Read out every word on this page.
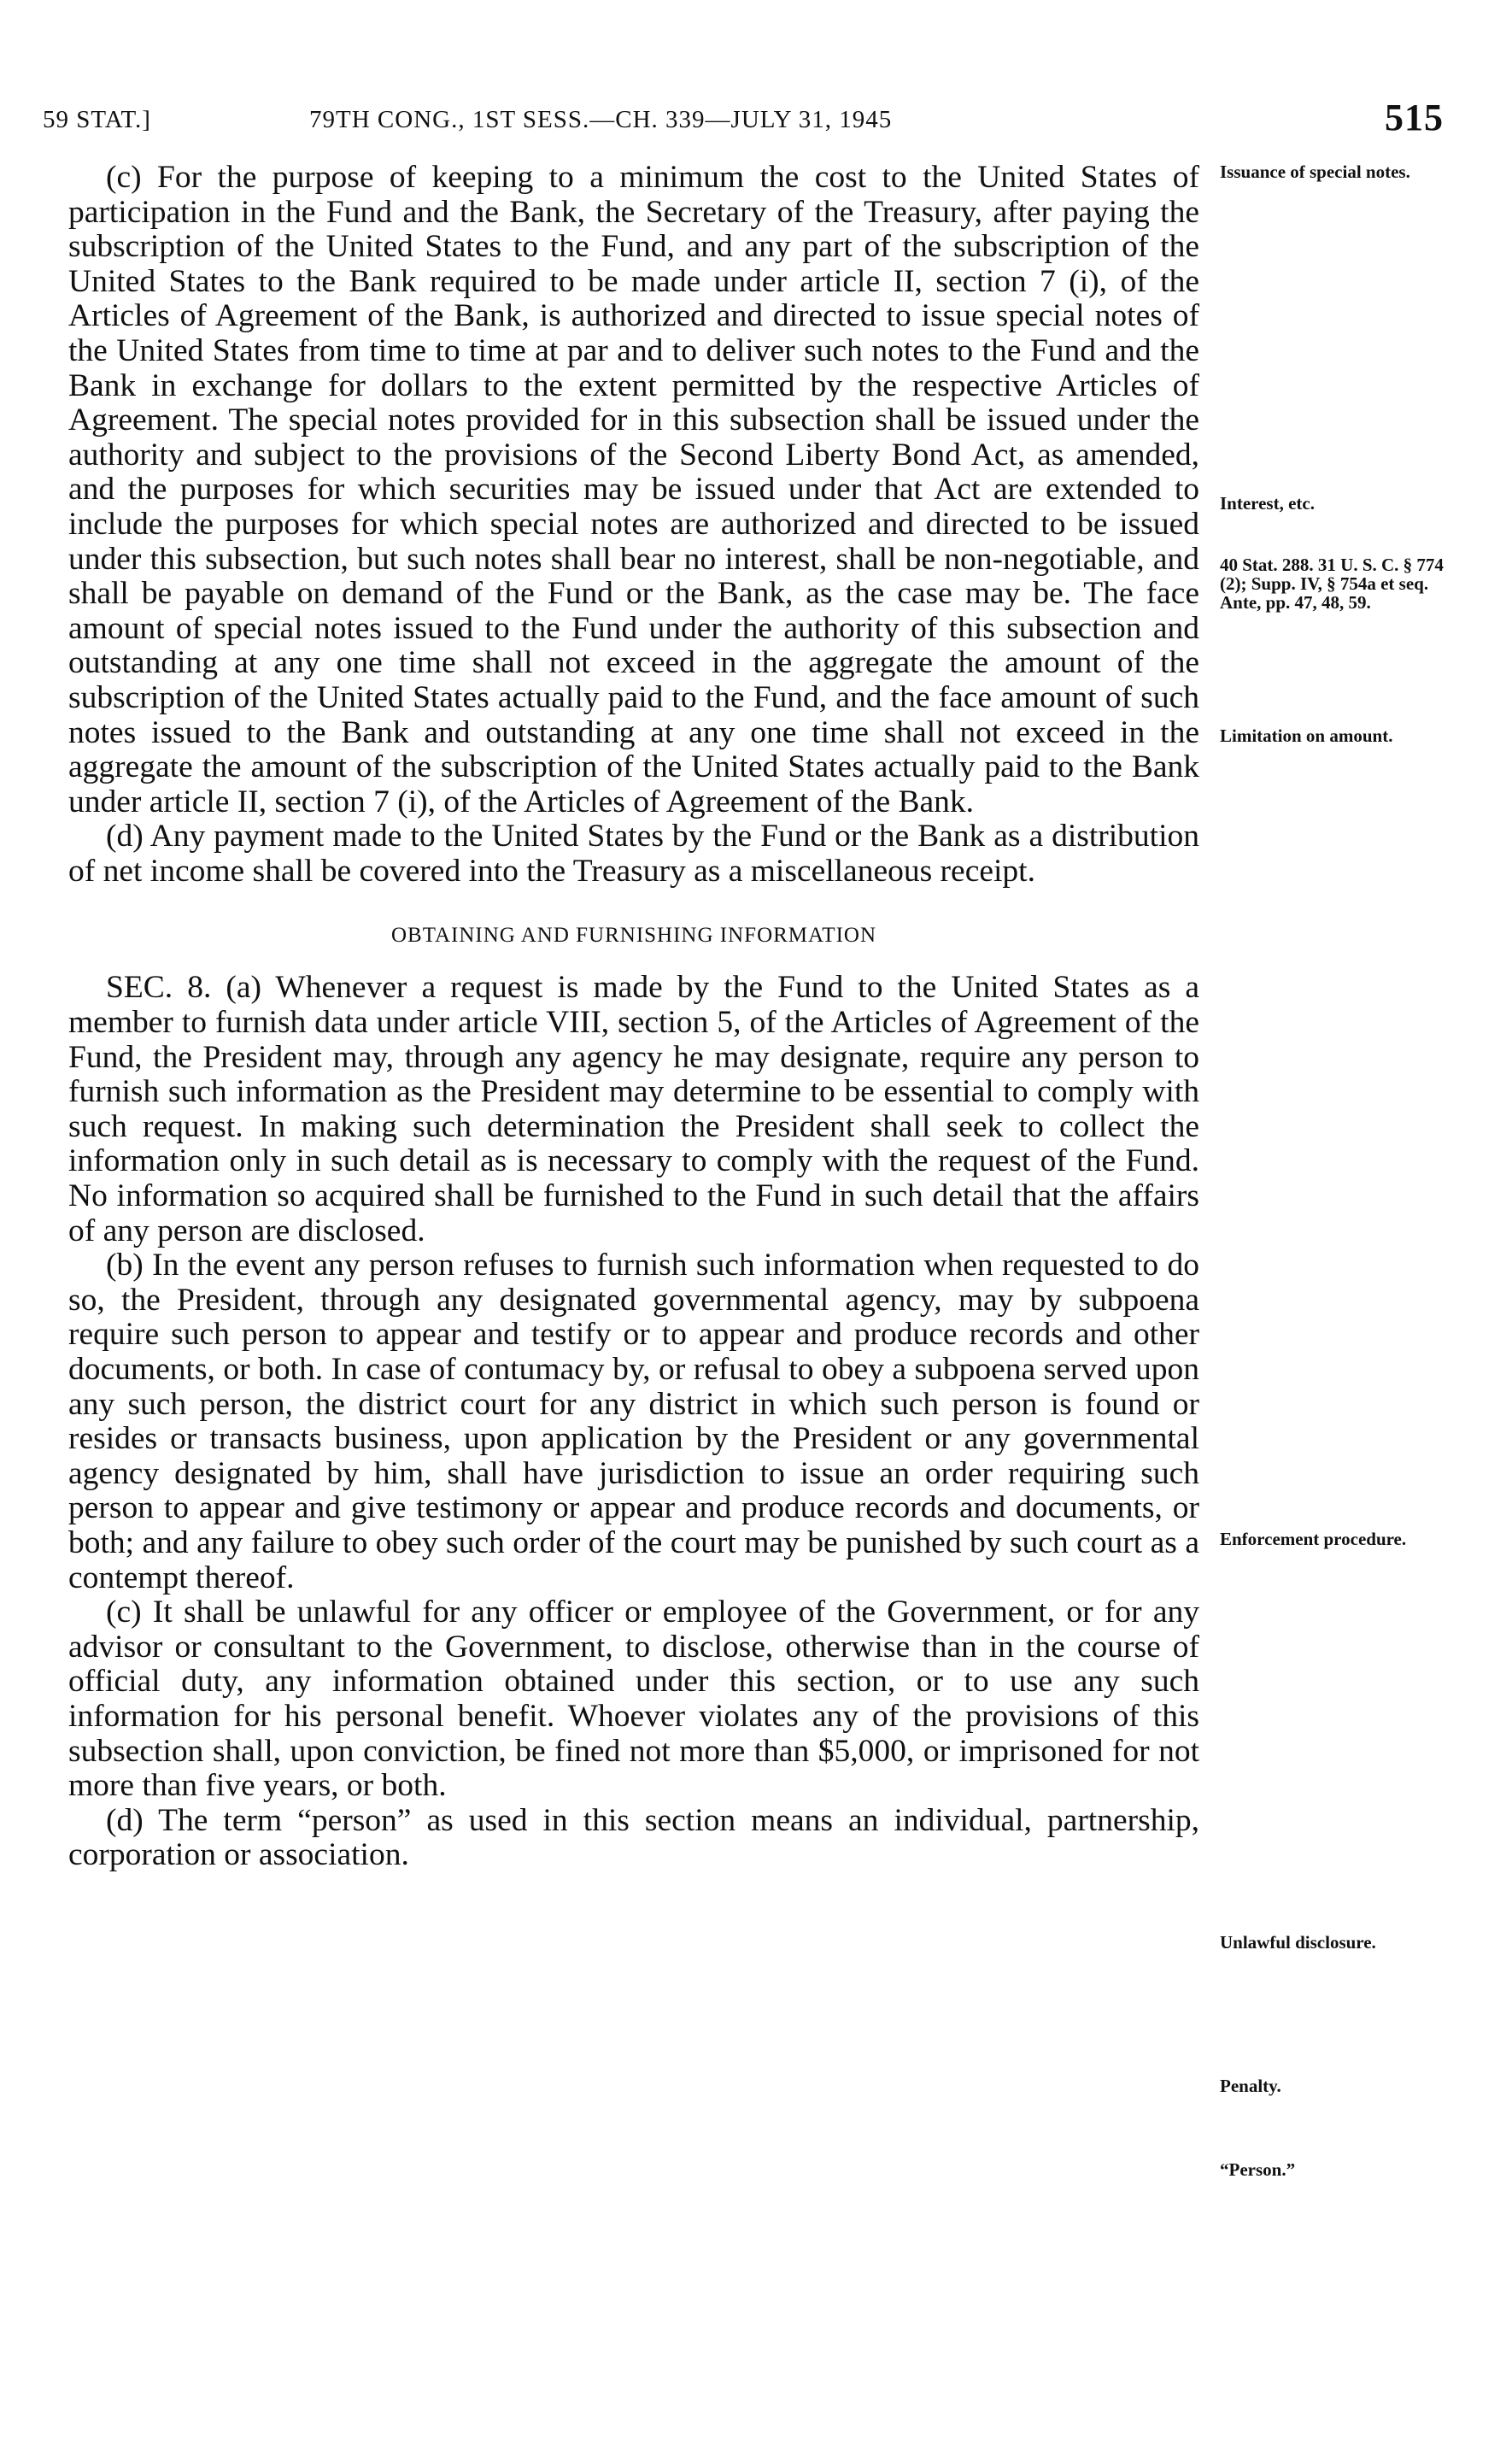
59 STAT.]	79TH CONG., 1ST SESS.—CH. 339—JULY 31, 1945	515

(c) For the purpose of keeping to a minimum the cost to the United States of participation in the Fund and the Bank, the Secretary of the Treasury, after paying the subscription of the United States to the Fund, and any part of the subscription of the United States to the Bank required to be made under article II, section 7 (i), of the Articles of Agreement of the Bank, is authorized and directed to issue special notes of the United States from time to time at par and to deliver such notes to the Fund and the Bank in exchange for dollars to the extent permitted by the respective Articles of Agreement. The special notes provided for in this subsection shall be issued under the authority and subject to the provisions of the Second Liberty Bond Act, as amended, and the purposes for which securities may be issued under that Act are extended to include the purposes for which special notes are authorized and directed to be issued under this subsection, but such notes shall bear no interest, shall be non-negotiable, and shall be payable on demand of the Fund or the Bank, as the case may be. The face amount of special notes issued to the Fund under the authority of this subsection and outstanding at any one time shall not exceed in the aggregate the amount of the subscription of the United States actually paid to the Fund, and the face amount of such notes issued to the Bank and outstanding at any one time shall not exceed in the aggregate the amount of the subscription of the United States actually paid to the Bank under article II, section 7 (i), of the Articles of Agreement of the Bank.

(d) Any payment made to the United States by the Fund or the Bank as a distribution of net income shall be covered into the Treasury as a miscellaneous receipt.

OBTAINING AND FURNISHING INFORMATION

SEC. 8. (a) Whenever a request is made by the Fund to the United States as a member to furnish data under article VIII, section 5, of the Articles of Agreement of the Fund, the President may, through any agency he may designate, require any person to furnish such information as the President may determine to be essential to comply with such request. In making such determination the President shall seek to collect the information only in such detail as is necessary to comply with the request of the Fund. No information so acquired shall be furnished to the Fund in such detail that the affairs of any person are disclosed.

(b) In the event any person refuses to furnish such information when requested to do so, the President, through any designated governmental agency, may by subpoena require such person to appear and testify or to appear and produce records and other documents, or both. In case of contumacy by, or refusal to obey a subpoena served upon any such person, the district court for any district in which such person is found or resides or transacts business, upon application by the President or any governmental agency designated by him, shall have jurisdiction to issue an order requiring such person to appear and give testimony or appear and produce records and documents, or both; and any failure to obey such order of the court may be punished by such court as a contempt thereof.

(c) It shall be unlawful for any officer or employee of the Government, or for any advisor or consultant to the Government, to disclose, otherwise than in the course of official duty, any information obtained under this section, or to use any such information for his personal benefit. Whoever violates any of the provisions of this subsection shall, upon conviction, be fined not more than $5,000, or imprisoned for not more than five years, or both.

(d) The term “person” as used in this section means an individual, partnership, corporation or association.

Issuance of special notes.
Interest, etc.
40 Stat. 288. 31 U. S. C. § 774 (2); Supp. IV, § 754a et seq. Ante, pp. 47, 48, 59.
Limitation on amount.
Enforcement procedure.
Unlawful disclosure.
Penalty.
“Person.”
